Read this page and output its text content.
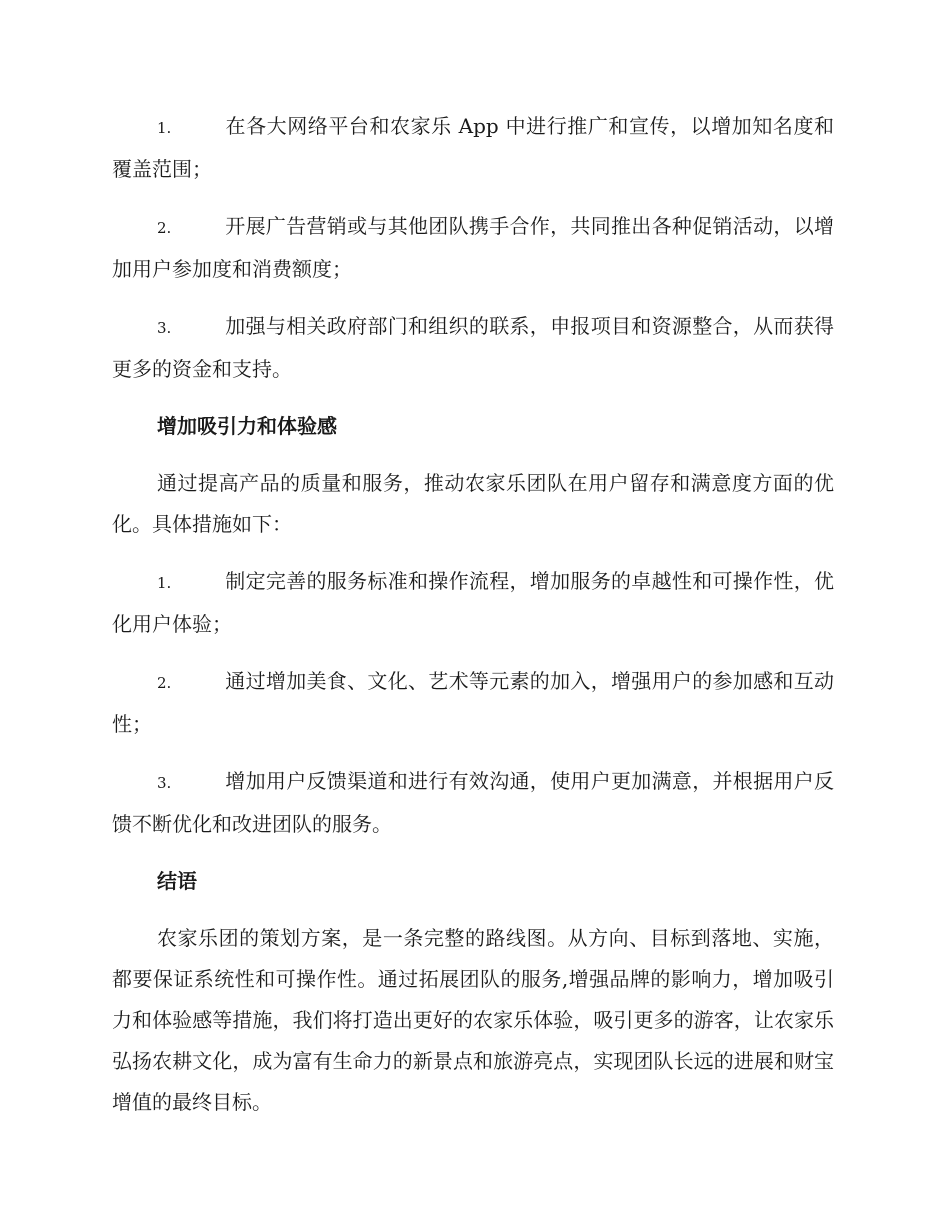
1.	在各大网络平台和农家乐 App 中进行推广和宣传，以增加知名度和覆盖范围；
2.	开展广告营销或与其他团队携手合作，共同推出各种促销活动，以增加用户参加度和消费额度；
3.	加强与相关政府部门和组织的联系，申报项目和资源整合，从而获得更多的资金和支持。
增加吸引力和体验感
通过提高产品的质量和服务，推动农家乐团队在用户留存和满意度方面的优化。具体措施如下：
1.	制定完善的服务标准和操作流程，增加服务的卓越性和可操作性，优化用户体验；
2.	通过增加美食、文化、艺术等元素的加入，增强用户的参加感和互动性；
3.	增加用户反馈渠道和进行有效沟通，使用户更加满意，并根据用户反馈不断优化和改进团队的服务。
结语
农家乐团的策划方案，是一条完整的路线图。从方向、目标到落地、实施，都要保证系统性和可操作性。通过拓展团队的服务,增强品牌的影响力，增加吸引力和体验感等措施，我们将打造出更好的农家乐体验，吸引更多的游客，让农家乐弘扬农耕文化，成为富有生命力的新景点和旅游亮点，实现团队长远的进展和财宝增值的最终目标。
